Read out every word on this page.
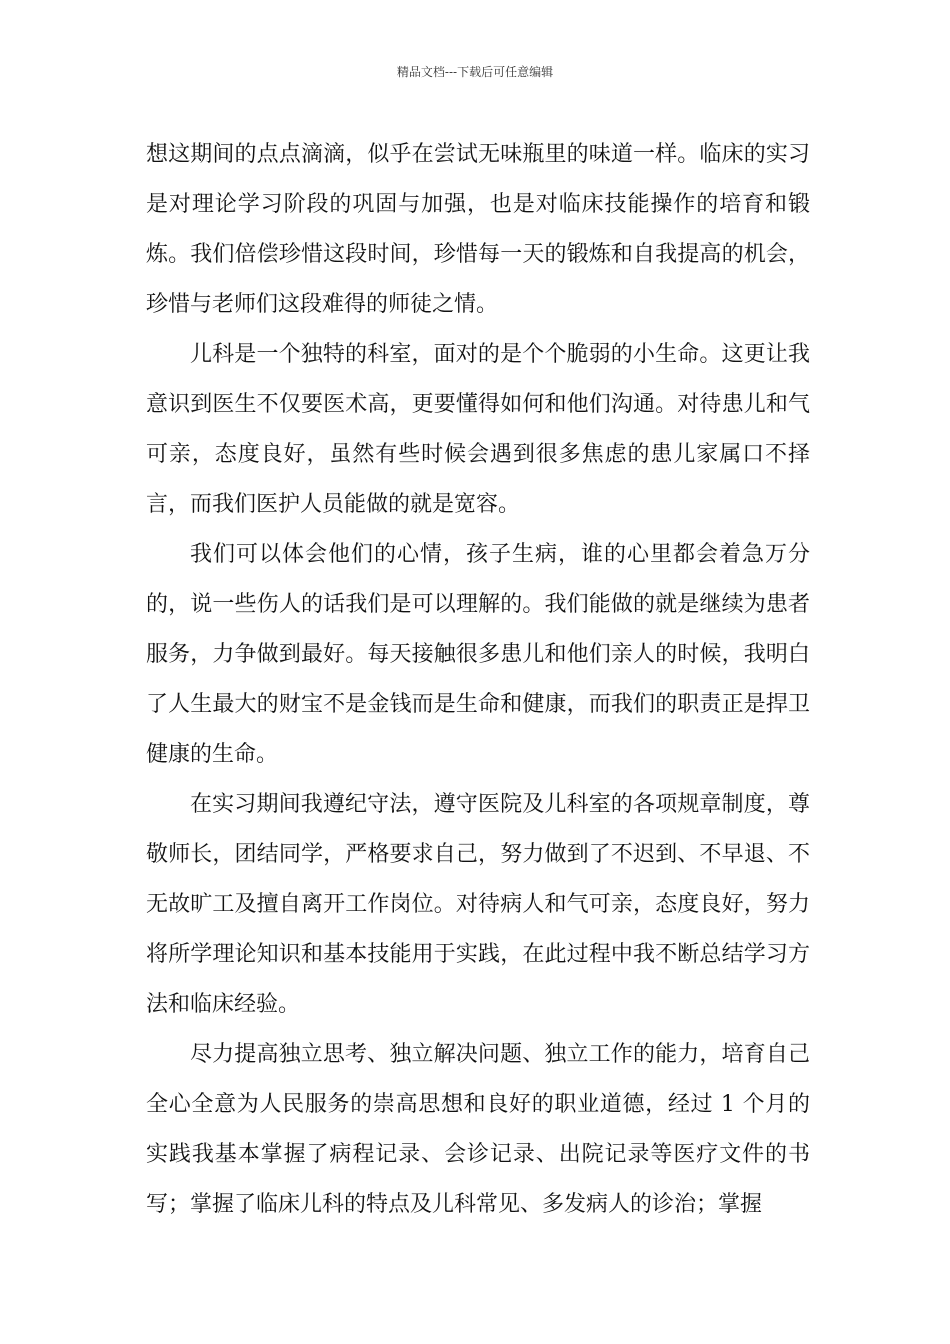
精品文档---下载后可任意编辑

想这期间的点点滴滴，似乎在尝试无味瓶里的味道一样。临床的实习是对理论学习阶段的巩固与加强，也是对临床技能操作的培育和锻炼。我们倍偿珍惜这段时间，珍惜每一天的锻炼和自我提高的机会，珍惜与老师们这段难得的师徒之情。

儿科是一个独特的科室，面对的是个个脆弱的小生命。这更让我意识到医生不仅要医术高，更要懂得如何和他们沟通。对待患儿和气可亲，态度良好，虽然有些时候会遇到很多焦虑的患儿家属口不择言，而我们医护人员能做的就是宽容。

我们可以体会他们的心情，孩子生病，谁的心里都会着急万分的，说一些伤人的话我们是可以理解的。我们能做的就是继续为患者服务，力争做到最好。每天接触很多患儿和他们亲人的时候，我明白了人生最大的财宝不是金钱而是生命和健康，而我们的职责正是捍卫健康的生命。

在实习期间我遵纪守法，遵守医院及儿科室的各项规章制度，尊敬师长，团结同学，严格要求自己，努力做到了不迟到、不早退、不无故旷工及擅自离开工作岗位。对待病人和气可亲，态度良好，努力将所学理论知识和基本技能用于实践，在此过程中我不断总结学习方法和临床经验。

尽力提高独立思考、独立解决问题、独立工作的能力，培育自己全心全意为人民服务的崇高思想和良好的职业道德，经过 1 个月的实践我基本掌握了病程记录、会诊记录、出院记录等医疗文件的书写；掌握了临床儿科的特点及儿科常见、多发病人的诊治；掌握
